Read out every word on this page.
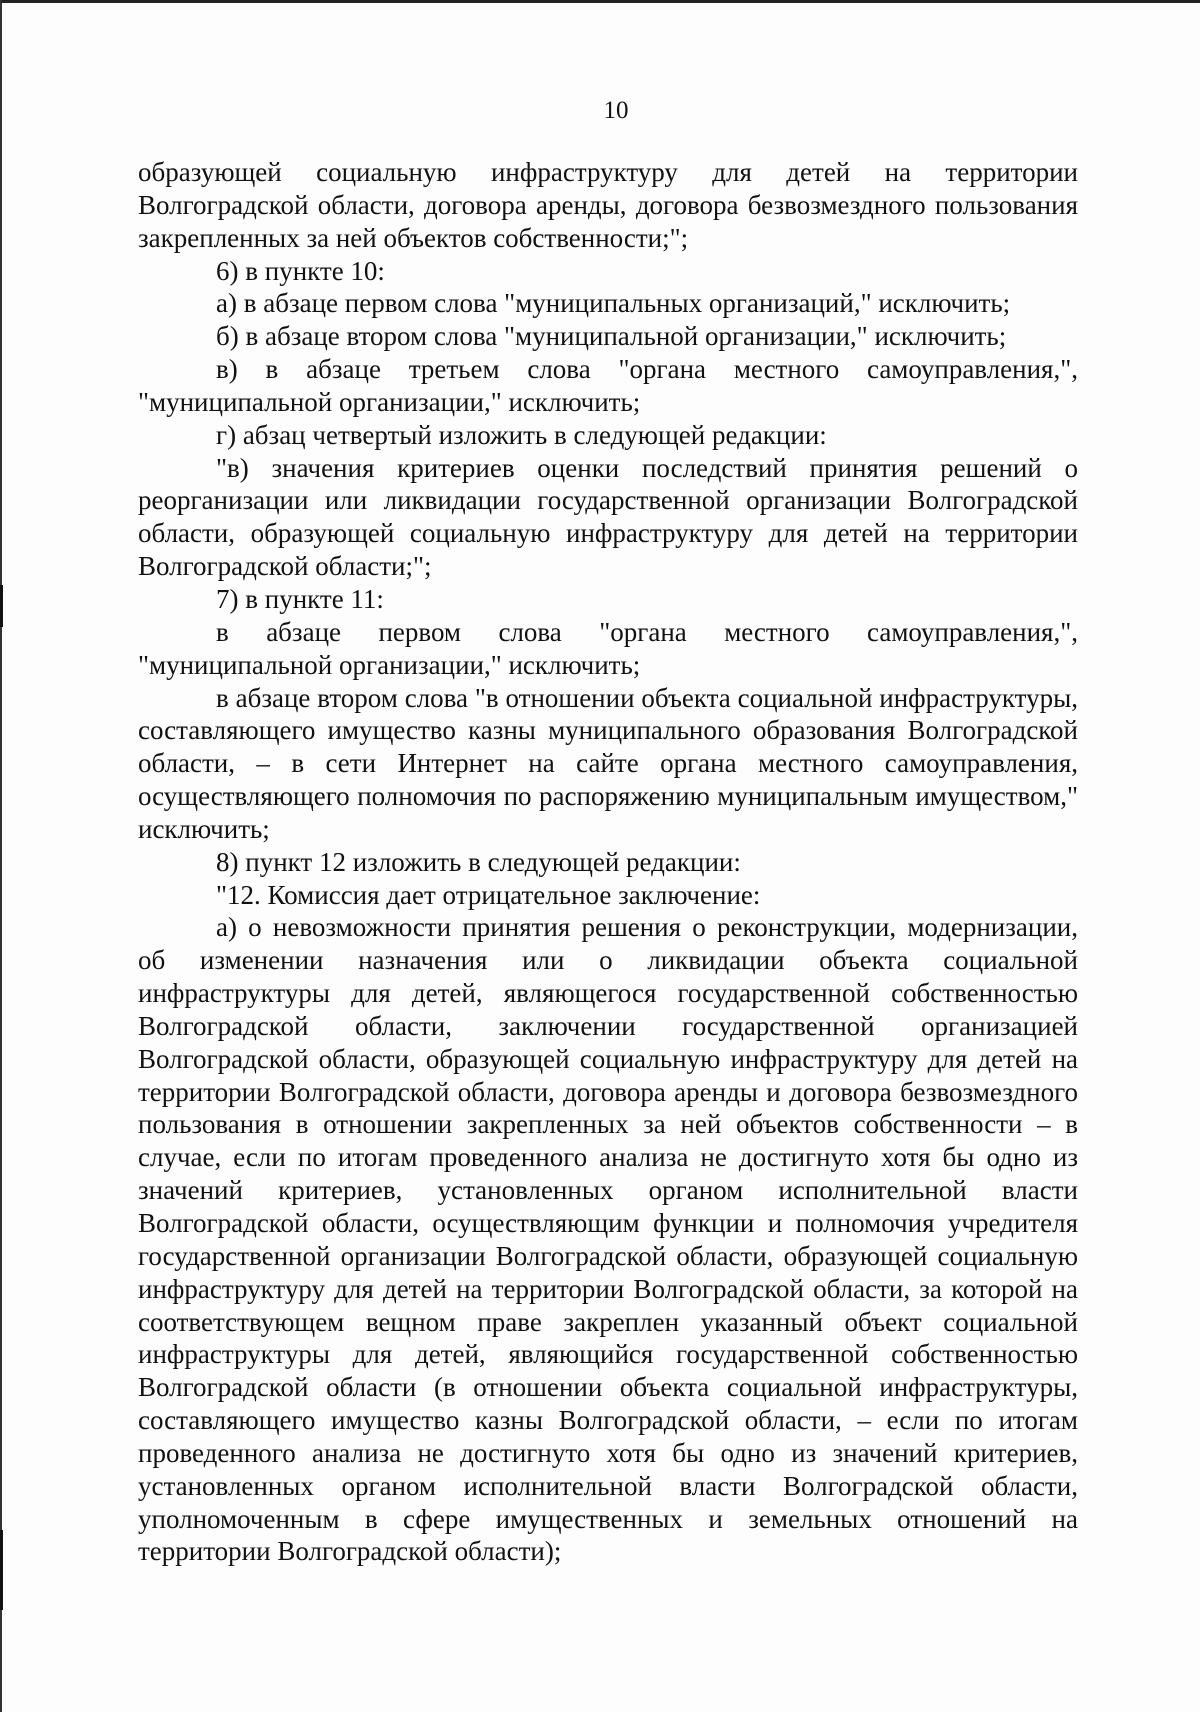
10

образующей социальную инфраструктуру для детей на территории Волгоградской области, договора аренды, договора безвозмездного пользования закрепленных за ней объектов собственности;";

6) в пункте 10:

а) в абзаце первом слова "муниципальных организаций," исключить;

б) в абзаце втором слова "муниципальной организации," исключить;

в) в абзаце третьем слова "органа местного самоуправления,", "муниципальной организации," исключить;

г) абзац четвертый изложить в следующей редакции:

"в) значения критериев оценки последствий принятия решений о реорганизации или ликвидации государственной организации Волгоградской области, образующей социальную инфраструктуру для детей на территории Волгоградской области;";

7) в пункте 11:

в абзаце первом слова "органа местного самоуправления,", "муниципальной организации," исключить;

в абзаце втором слова "в отношении объекта социальной инфраструктуры, составляющего имущество казны муниципального образования Волгоградской области, – в сети Интернет на сайте органа местного самоуправления, осуществляющего полномочия по распоряжению муниципальным имуществом," исключить;

8) пункт 12 изложить в следующей редакции:

"12. Комиссия дает отрицательное заключение:

а) о невозможности принятия решения о реконструкции, модернизации, об изменении назначения или о ликвидации объекта социальной инфраструктуры для детей, являющегося государственной собственностью Волгоградской области, заключении государственной организацией Волгоградской области, образующей социальную инфраструктуру для детей на территории Волгоградской области, договора аренды и договора безвозмездного пользования в отношении закрепленных за ней объектов собственности – в случае, если по итогам проведенного анализа не достигнуто хотя бы одно из значений критериев, установленных органом исполнительной власти Волгоградской области, осуществляющим функции и полномочия учредителя государственной организации Волгоградской области, образующей социальную инфраструктуру для детей на территории Волгоградской области, за которой на соответствующем вещном праве закреплен указанный объект социальной инфраструктуры для детей, являющийся государственной собственностью Волгоградской области (в отношении объекта социальной инфраструктуры, составляющего имущество казны Волгоградской области, – если по итогам проведенного анализа не достигнуто хотя бы одно из значений критериев, установленных органом исполнительной власти Волгоградской области, уполномоченным в сфере имущественных и земельных отношений на территории Волгоградской области);
